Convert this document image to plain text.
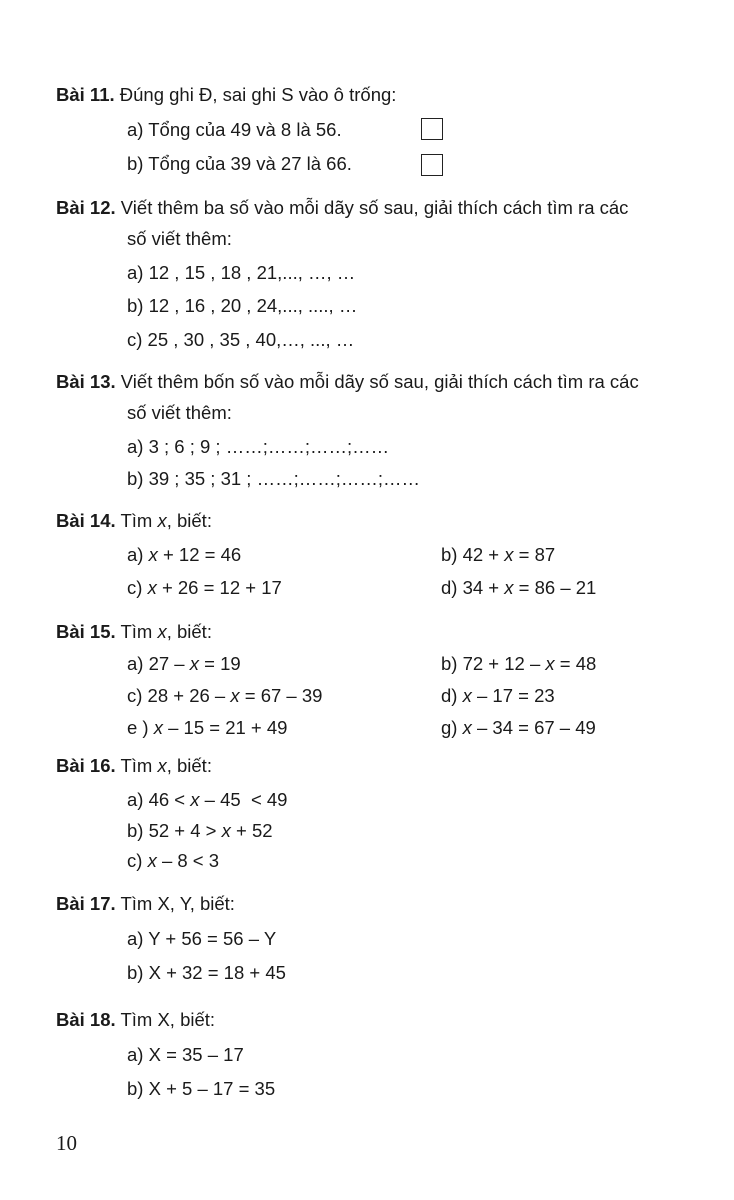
Bài 11. Đúng ghi Đ, sai ghi S vào ô trống:
a) Tổng của 49 và 8 là 56.
b) Tổng của 39 và 27 là 66.
Bài 12. Viết thêm ba số vào mỗi dãy số sau, giải thích cách tìm ra các
số viết thêm:
a) 12 , 15 , 18 , 21,..., …, …
b) 12 , 16 , 20 , 24,..., ...., …
c) 25 , 30 , 35 , 40,…, ..., …
Bài 13. Viết thêm bốn số vào mỗi dãy số sau, giải thích cách tìm ra các
số viết thêm:
a) 3 ; 6 ; 9 ; ……;……;……;……
b) 39 ; 35 ; 31 ; ……;……;……;……
Bài 14. Tìm x, biết:
a) x + 12 = 46	b) 42 + x = 87
c) x + 26 = 12 + 17	d) 34 + x = 86 – 21
Bài 15. Tìm x, biết:
a) 27 – x = 19	b) 72 + 12 – x = 48
c) 28 + 26 – x = 67 – 39	d) x – 17 = 23
e ) x – 15 = 21 + 49	g) x – 34 = 67 – 49
Bài 16. Tìm x, biết:
a) 46 < x – 45  < 49
b) 52 + 4 > x + 52
c) x – 8 < 3
Bài 17. Tìm X, Y, biết:
a) Y + 56 = 56 – Y
b) X + 32 = 18 + 45
Bài 18. Tìm X, biết:
a) X = 35 – 17
b) X + 5 – 17 = 35
10
